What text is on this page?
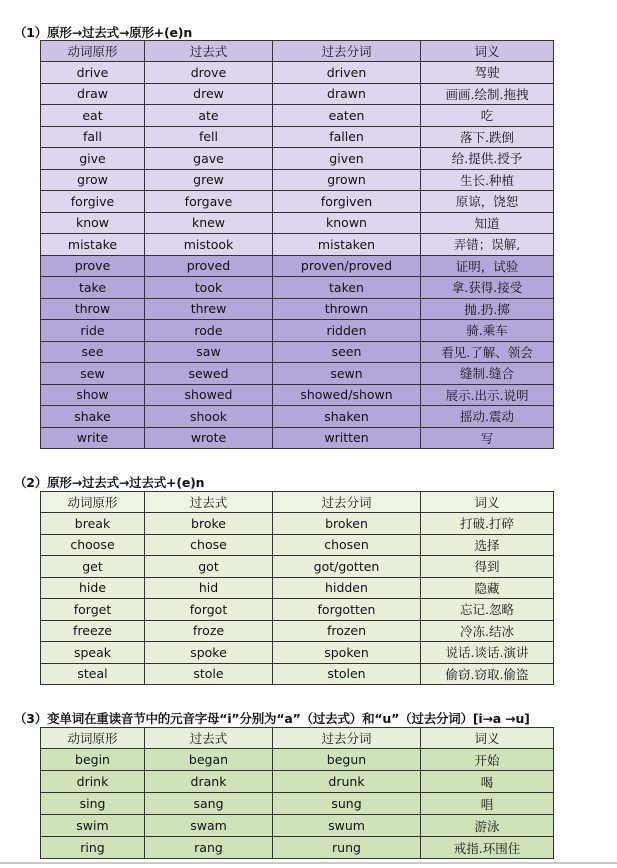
（1）原形→过去式→原形+(e)n
动词原形	过去式	过去分词	词义
drive	drove	driven	驾驶
draw	drew	drawn	画画.绘制.拖拽
eat	ate	eaten	吃
fall	fell	fallen	落下.跌倒
give	gave	given	给.提供.授予
grow	grew	grown	生长.种植
forgive	forgave	forgiven	原谅，饶恕
know	knew	known	知道
mistake	mistook	mistaken	弄错；误解,
prove	proved	proven/proved	证明，试验
take	took	taken	拿.获得.接受
throw	threw	thrown	抛.扔.掷
ride	rode	ridden	骑.乘车
see	saw	seen	看见.了解、领会
sew	sewed	sewn	缝制.缝合
show	showed	showed/shown	展示.出示.说明
shake	shook	shaken	摇动.震动
write	wrote	written	写
（2）原形→过去式→过去式+(e)n
动词原形	过去式	过去分词	词义
break	broke	broken	打破.打碎
choose	chose	chosen	选择
get	got	got/gotten	得到
hide	hid	hidden	隐藏
forget	forgot	forgotten	忘记.忽略
freeze	froze	frozen	冷冻.结冰
speak	spoke	spoken	说话.谈话.演讲
steal	stole	stolen	偷窃.窃取.偷盗
（3）变单词在重读音节中的元音字母“i”分别为“a”（过去式）和“u”（过去分词）[i→a →u]
动词原形	过去式	过去分词	词义
begin	began	begun	开始
drink	drank	drunk	喝
sing	sang	sung	唱
swim	swam	swum	游泳
ring	rang	rung	戒指.环围住
